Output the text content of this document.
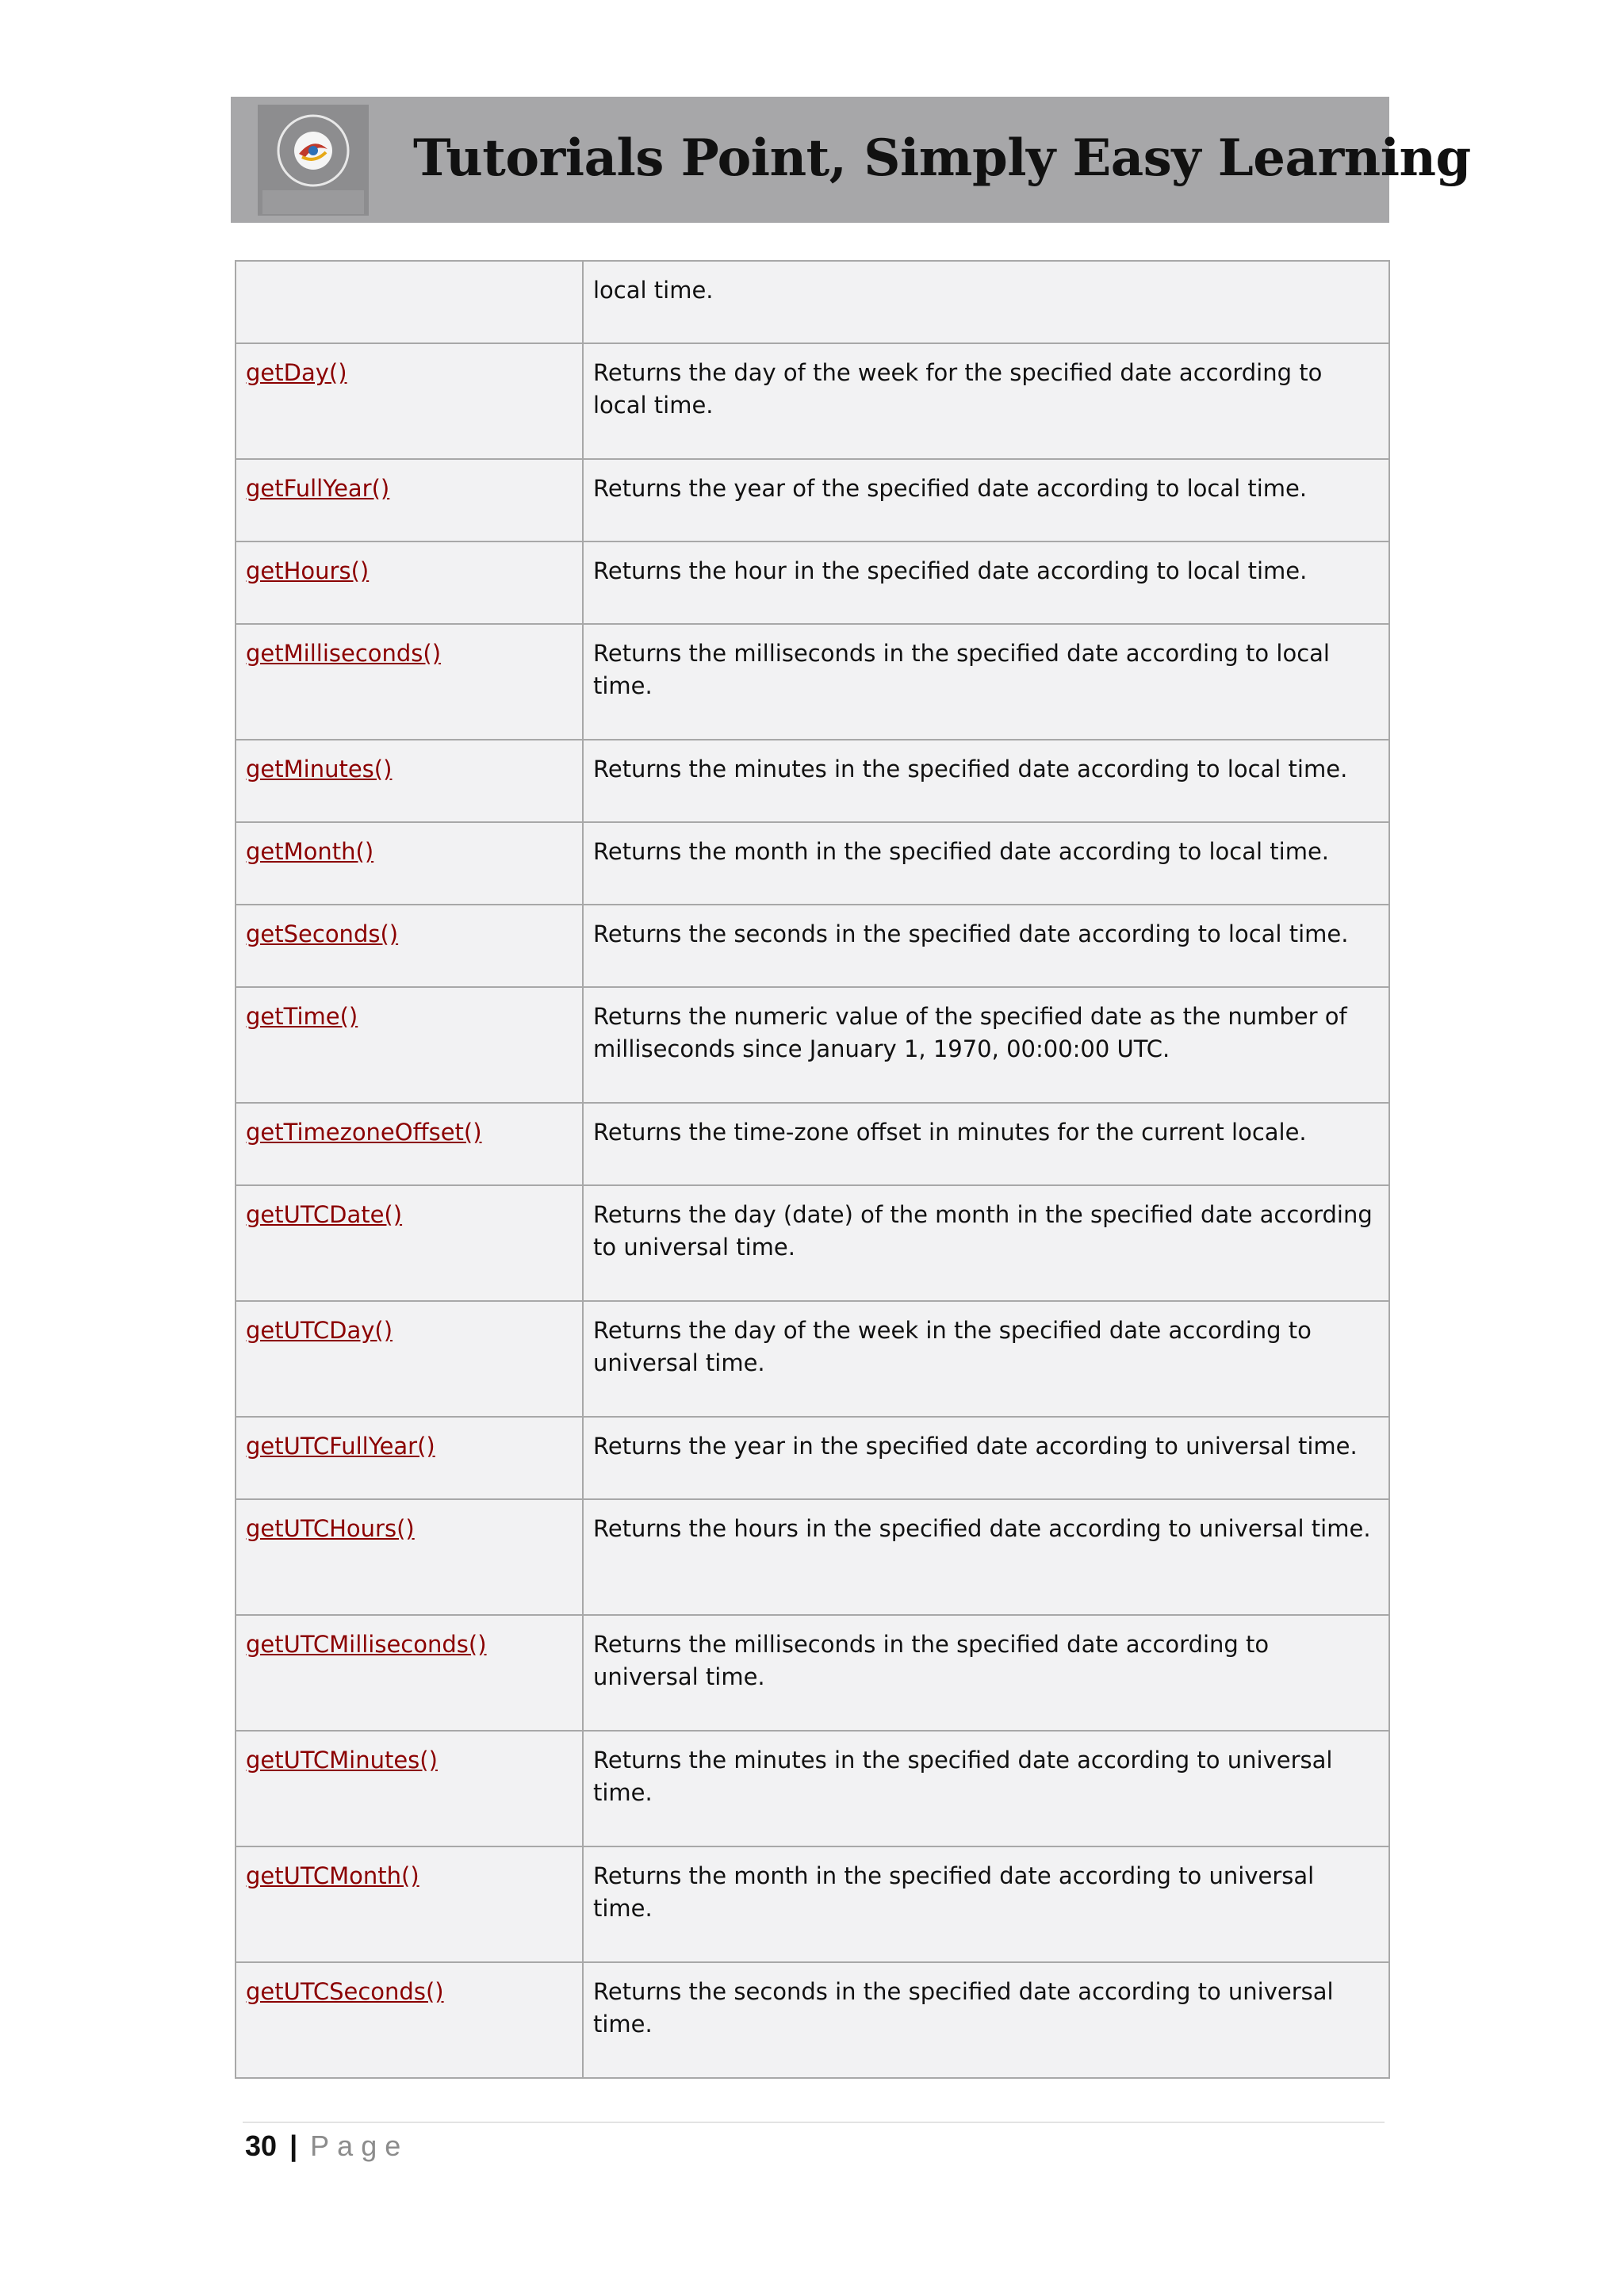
Tutorials Point, Simply Easy Learning
	local time.
getDay()	Returns the day of the week for the specified date according to local time.
getFullYear()	Returns the year of the specified date according to local time.
getHours()	Returns the hour in the specified date according to local time.
getMilliseconds()	Returns the milliseconds in the specified date according to local time.
getMinutes()	Returns the minutes in the specified date according to local time.
getMonth()	Returns the month in the specified date according to local time.
getSeconds()	Returns the seconds in the specified date according to local time.
getTime()	Returns the numeric value of the specified date as the number of milliseconds since January 1, 1970, 00:00:00 UTC.
getTimezoneOffset()	Returns the time-zone offset in minutes for the current locale.
getUTCDate()	Returns the day (date) of the month in the specified date according to universal time.
getUTCDay()	Returns the day of the week in the specified date according to universal time.
getUTCFullYear()	Returns the year in the specified date according to universal time.
getUTCHours()	Returns the hours in the specified date according to universal time.
getUTCMilliseconds()	Returns the milliseconds in the specified date according to universal time.
getUTCMinutes()	Returns the minutes in the specified date according to universal time.
getUTCMonth()	Returns the month in the specified date according to universal time.
getUTCSeconds()	Returns the seconds in the specified date according to universal time.
30 | Page
